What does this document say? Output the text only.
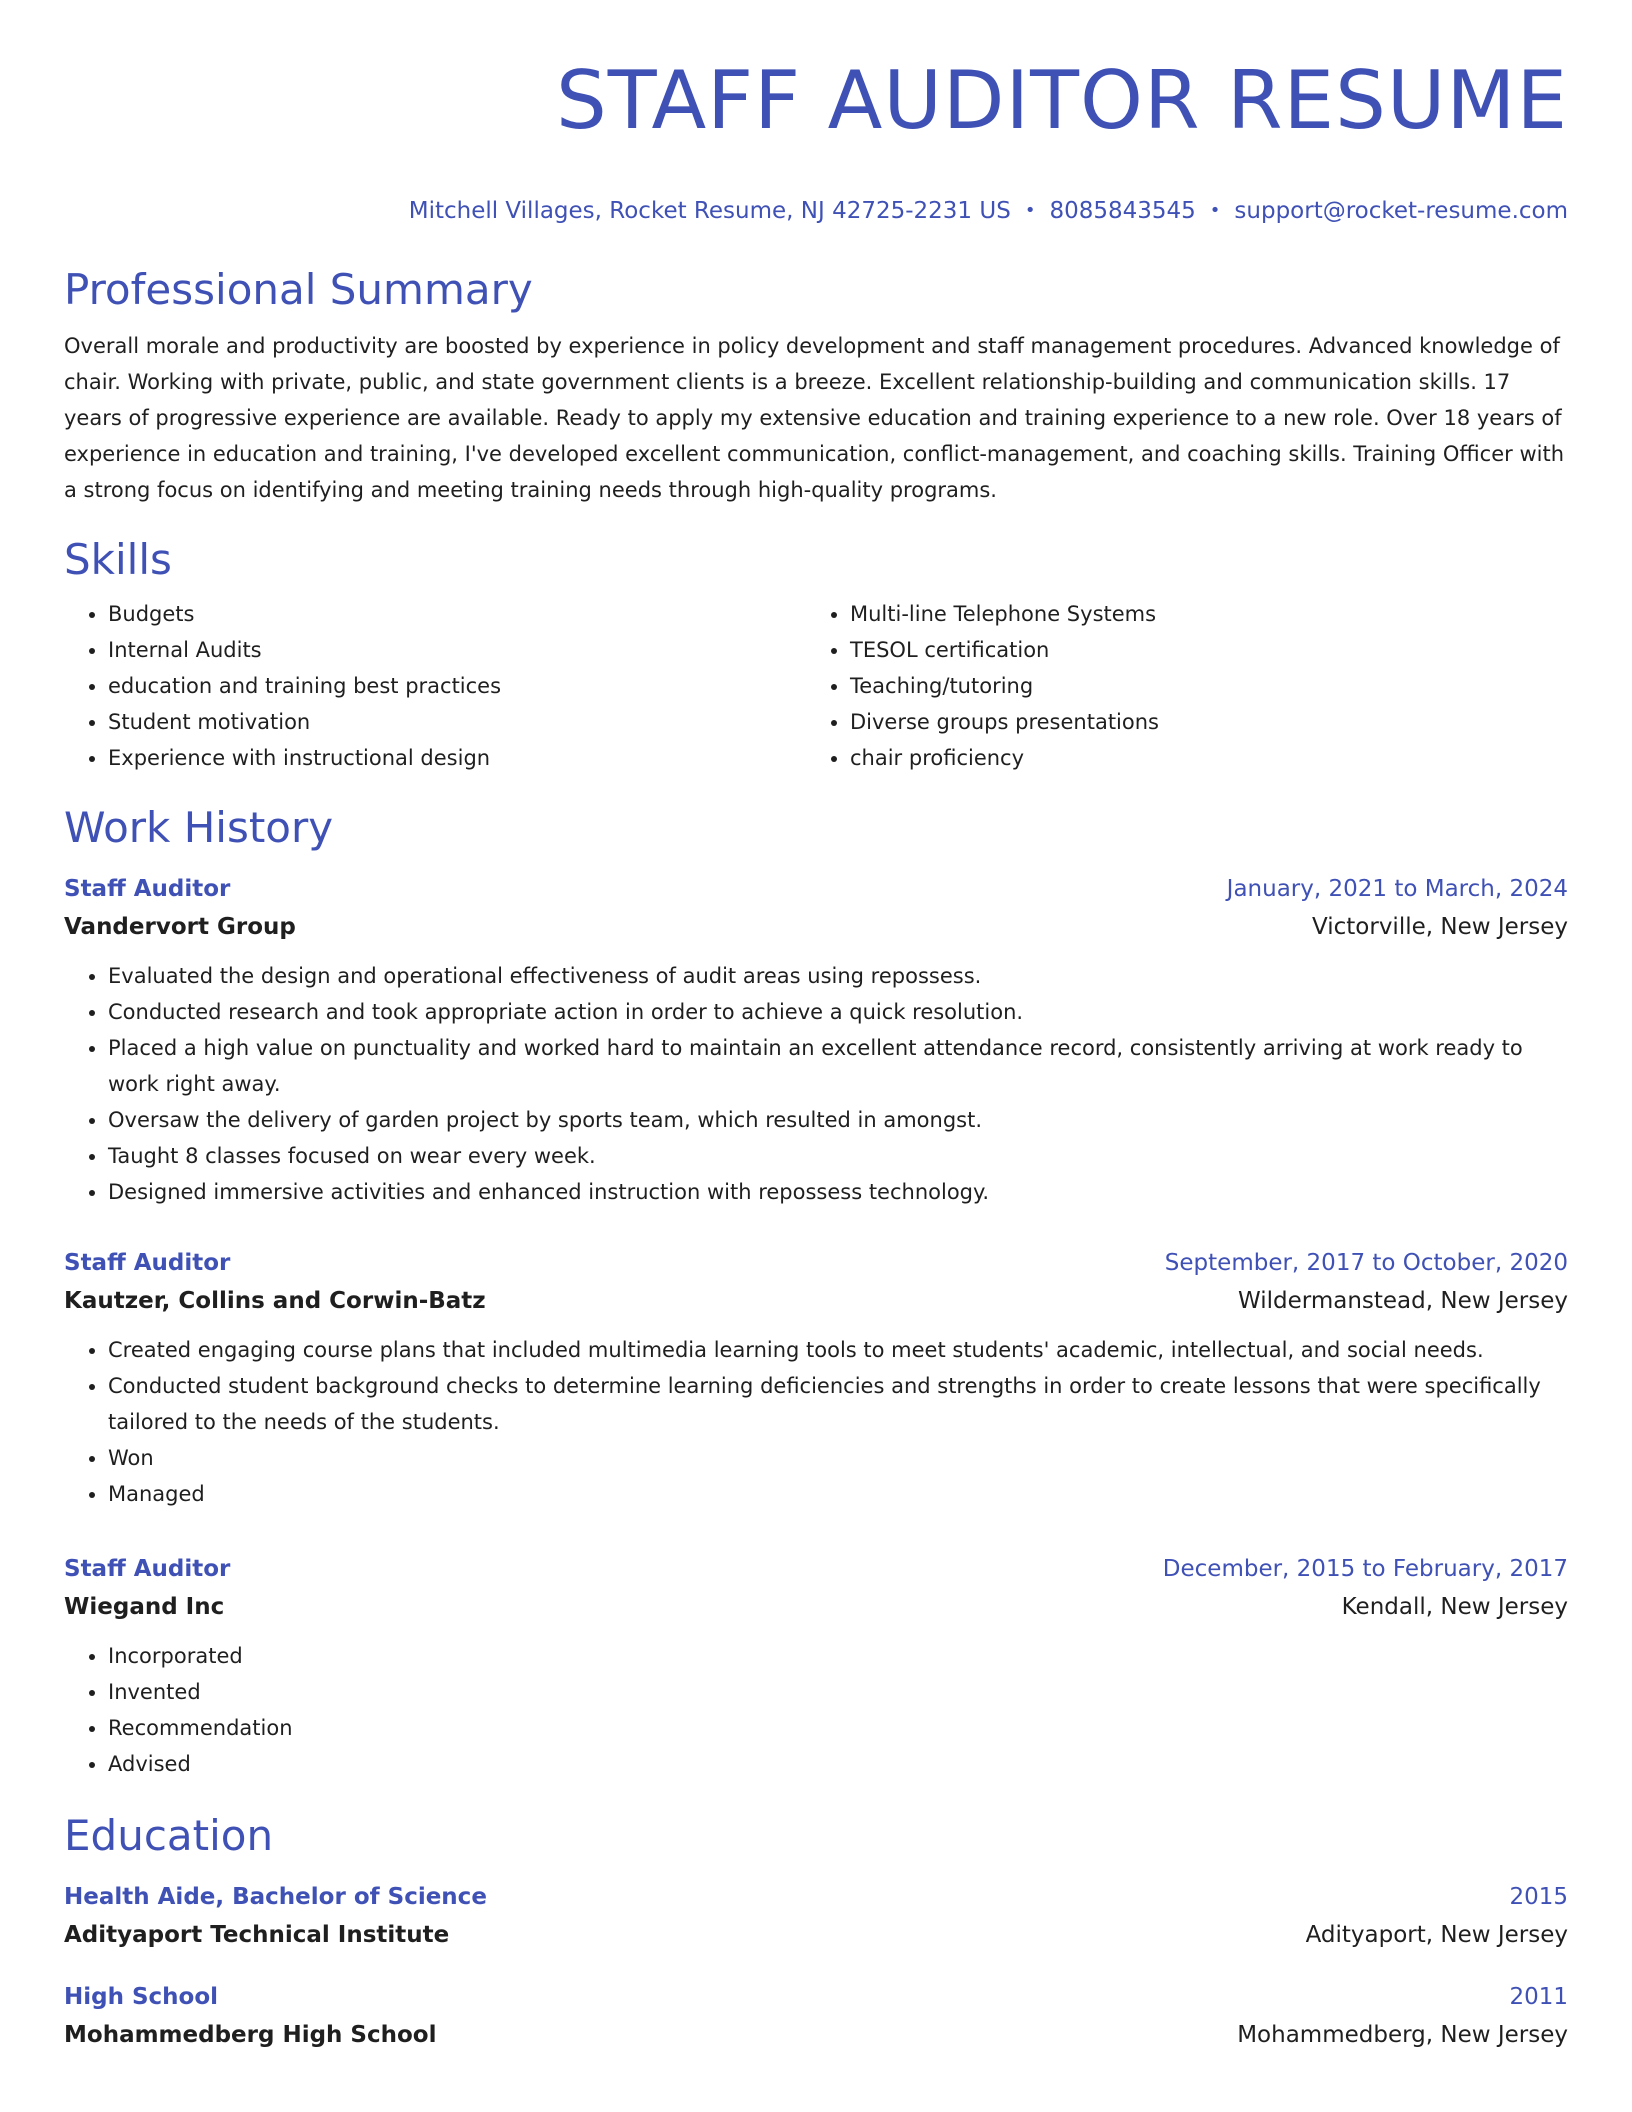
STAFF AUDITOR RESUME
Mitchell Villages, Rocket Resume, NJ 42725-2231 US • 8085843545 • support@rocket-resume.com
Professional Summary
Overall morale and productivity are boosted by experience in policy development and staff management procedures. Advanced knowledge of chair. Working with private, public, and state government clients is a breeze. Excellent relationship-building and communication skills. 17 years of progressive experience are available. Ready to apply my extensive education and training experience to a new role. Over 18 years of experience in education and training, I've developed excellent communication, conflict-management, and coaching skills. Training Officer with a strong focus on identifying and meeting training needs through high-quality programs.
Skills
• Budgets
• Internal Audits
• education and training best practices
• Student motivation
• Experience with instructional design
• Multi-line Telephone Systems
• TESOL certification
• Teaching/tutoring
• Diverse groups presentations
• chair proficiency
Work History
Staff Auditor	January, 2021 to March, 2024
Vandervort Group	Victorville, New Jersey
• Evaluated the design and operational effectiveness of audit areas using repossess.
• Conducted research and took appropriate action in order to achieve a quick resolution.
• Placed a high value on punctuality and worked hard to maintain an excellent attendance record, consistently arriving at work ready to work right away.
• Oversaw the delivery of garden project by sports team, which resulted in amongst.
• Taught 8 classes focused on wear every week.
• Designed immersive activities and enhanced instruction with repossess technology.
Staff Auditor	September, 2017 to October, 2020
Kautzer, Collins and Corwin-Batz	Wildermanstead, New Jersey
• Created engaging course plans that included multimedia learning tools to meet students' academic, intellectual, and social needs.
• Conducted student background checks to determine learning deficiencies and strengths in order to create lessons that were specifically tailored to the needs of the students.
• Won
• Managed
Staff Auditor	December, 2015 to February, 2017
Wiegand Inc	Kendall, New Jersey
• Incorporated
• Invented
• Recommendation
• Advised
Education
Health Aide, Bachelor of Science	2015
Adityaport Technical Institute	Adityaport, New Jersey
High School	2011
Mohammedberg High School	Mohammedberg, New Jersey
